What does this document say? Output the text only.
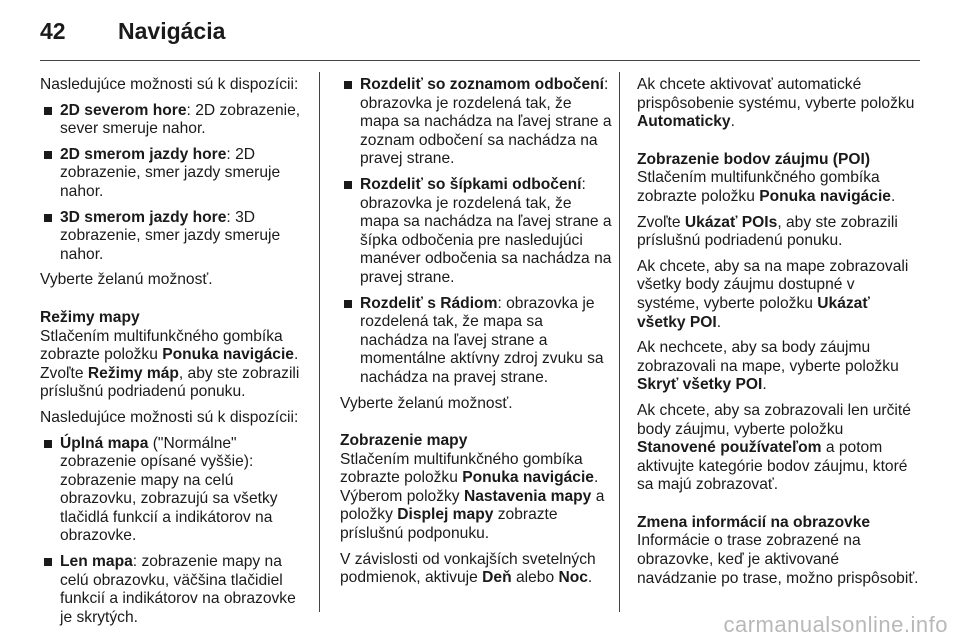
42	Navigácia

Nasledujúce možnosti sú k dispozícii:

2D severom hore: 2D zobrazenie, sever smeruje nahor.
2D smerom jazdy hore: 2D zobrazenie, smer jazdy smeruje nahor.
3D smerom jazdy hore: 3D zobrazenie, smer jazdy smeruje nahor.

Vyberte želanú možnosť.

Režimy mapy

Stlačením multifunkčného gombíka zobrazte položku Ponuka navigácie.
Zvoľte Režimy máp, aby ste zobrazili príslušnú podriadenú ponuku.

Nasledujúce možnosti sú k dispozícii:

Úplná mapa ("Normálne" zobrazenie opísané vyššie): zobrazenie mapy na celú obrazovku, zobrazujú sa všetky tlačidlá funkcií a indikátorov na obrazovke.
Len mapa: zobrazenie mapy na celú obrazovku, väčšina tlačidiel funkcií a indikátorov na obrazovke je skrytých.
Rozdeliť so zoznamom odbočení: obrazovka je rozdelená tak, že mapa sa nachádza na ľavej strane a zoznam odbočení sa nachádza na pravej strane.
Rozdeliť so šípkami odbočení: obrazovka je rozdelená tak, že mapa sa nachádza na ľavej strane a šípka odbočenia pre nasledujúci manéver odbočenia sa nachádza na pravej strane.
Rozdeliť s Rádiom: obrazovka je rozdelená tak, že mapa sa nachádza na ľavej strane a momentálne aktívny zdroj zvuku sa nachádza na pravej strane.

Vyberte želanú možnosť.

Zobrazenie mapy

Stlačením multifunkčného gombíka zobrazte položku Ponuka navigácie.
Výberom položky Nastavenia mapy a položky Displej mapy zobrazte príslušnú podponuku.

V závislosti od vonkajších svetelných podmienok, aktivuje Deň alebo Noc.

Ak chcete aktivovať automatické prispôsobenie systému, vyberte položku Automaticky.

Zobrazenie bodov záujmu (POI)

Stlačením multifunkčného gombíka zobrazte položku Ponuka navigácie.

Zvoľte Ukázať POIs, aby ste zobrazili príslušnú podriadenú ponuku.

Ak chcete, aby sa na mape zobrazovali všetky body záujmu dostupné v systéme, vyberte položku Ukázať všetky POI.

Ak nechcete, aby sa body záujmu zobrazovali na mape, vyberte položku Skryť všetky POI.

Ak chcete, aby sa zobrazovali len určité body záujmu, vyberte položku Stanovené používateľom a potom aktivujte kategórie bodov záujmu, ktoré sa majú zobrazovať.

Zmena informácií na obrazovke

Informácie o trase zobrazené na obrazovke, keď je aktivované navádzanie po trase, možno prispôsobiť.

carmanualsonline.info
